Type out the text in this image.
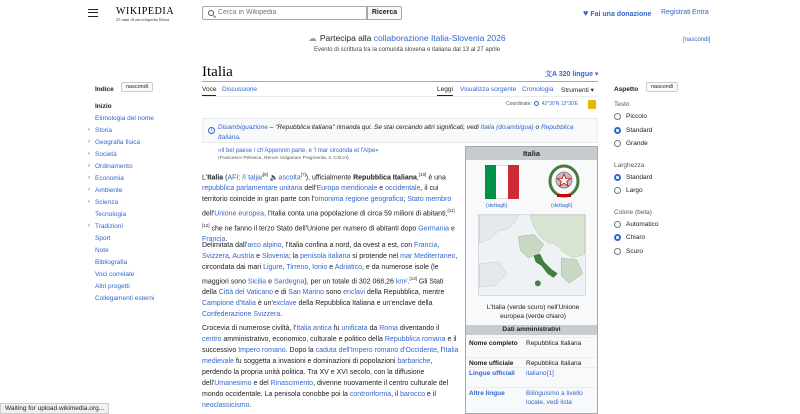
WIKIPEDIA
25 anni di enciclopedia libera
Cerca in Wikipedia
Ricerca	♥ Fai una donazione Registrati Entra
☁ Partecipa alla collaborazione Italia-Slovenia 2026
Evento di scrittura tra la comunità slovena e italiana dal 13 al 27 aprile
[nascondi]
Italia	文A 320 lingue ▾
Voce Discussione	Leggi Visualizza sorgente Cronologia Strumenti ▾
Coordinate: 42°30′N 12°30′E
Indice	nascondi
Inizio
Etimologia del nome
› Storia
› Geografia fisica
› Società
› Ordinamento
› Economia
› Ambiente
› Scienza
Tecnologia
› Tradizioni
Sport
Note
Bibliografia
Voci correlate
Altri progetti
Collegamenti esterni
Aspetto	nascondi
Testo
Piccolo
Standard
Grande
Larghezza
Standard
Largo
Colore (beta)
Automatico
Chiaro
Scuro
i Disambiguazione – "Repubblica italiana" rimanda qui. Se stai cercando altri significati, vedi Italia (disambigua) o Repubblica Italiana.
«Il bel paese / ch'Appennin parte, e 'l mar circonda et l'Alpe»
(Francesco Petrarca, Rerum Vulgarium Fragmenta, s. CXLVI)
L'Italia (AFI: /iˈtalja/[9] 🔈ascolta[?]), ufficialmente Repubblica Italiana,[10] è una repubblica parlamentare unitaria dell'Europa meridionale e occidentale, il cui territorio coincide in gran parte con l'omonima regione geografica; Stato membro dell'Unione europea, l'Italia conta una popolazione di circa 59 milioni di abitanti,[11][12] che ne fanno il terzo Stato dell'Unione per numero di abitanti dopo Germania e Francia.
Delimitata dall'arco alpino, l'Italia confina a nord, da ovest a est, con Francia, Svizzera, Austria e Slovenia; la penisola italiana si protende nel mar Mediterraneo, circondata dai mari Ligure, Tirreno, Ionio e Adriatico, e da numerose isole (le maggiori sono Sicilia e Sardegna), per un totale di 302 068,26 km².[13] Gli Stati della Città del Vaticano e di San Marino sono enclavi della Repubblica, mentre Campione d'Italia è un'exclave della Repubblica Italiana e un'enclave della Confederazione Svizzera.
Crocevia di numerose civiltà, l'Italia antica fu unificata da Roma diventando il centro amministrativo, economico, culturale e politico della Repubblica romana e il successivo Impero romano. Dopo la caduta dell'Impero romano d'Occidente, l'Italia medievale fu soggetta a invasioni e dominazioni di popolazioni barbariche, perdendo la propria unità politica. Tra XV e XVI secolo, con la diffusione dell'Umanesimo e del Rinascimento, divenne nuovamente il centro culturale del mondo occidentale. La penisola conobbe poi la controriforma, il barocco e il neoclassicismo.
Italia
(dettagli)	(dettagli)
L'Italia (verde scuro) nell'Unione europea (verde chiaro)
Dati amministrativi
Nome completo	Repubblica Italiana
Nome ufficiale	Repubblica Italiana
Lingue ufficiali	italiano[1]
Altre lingue	Bilinguismo a livello locale, vedi lista
Waiting for upload.wikimedia.org...
